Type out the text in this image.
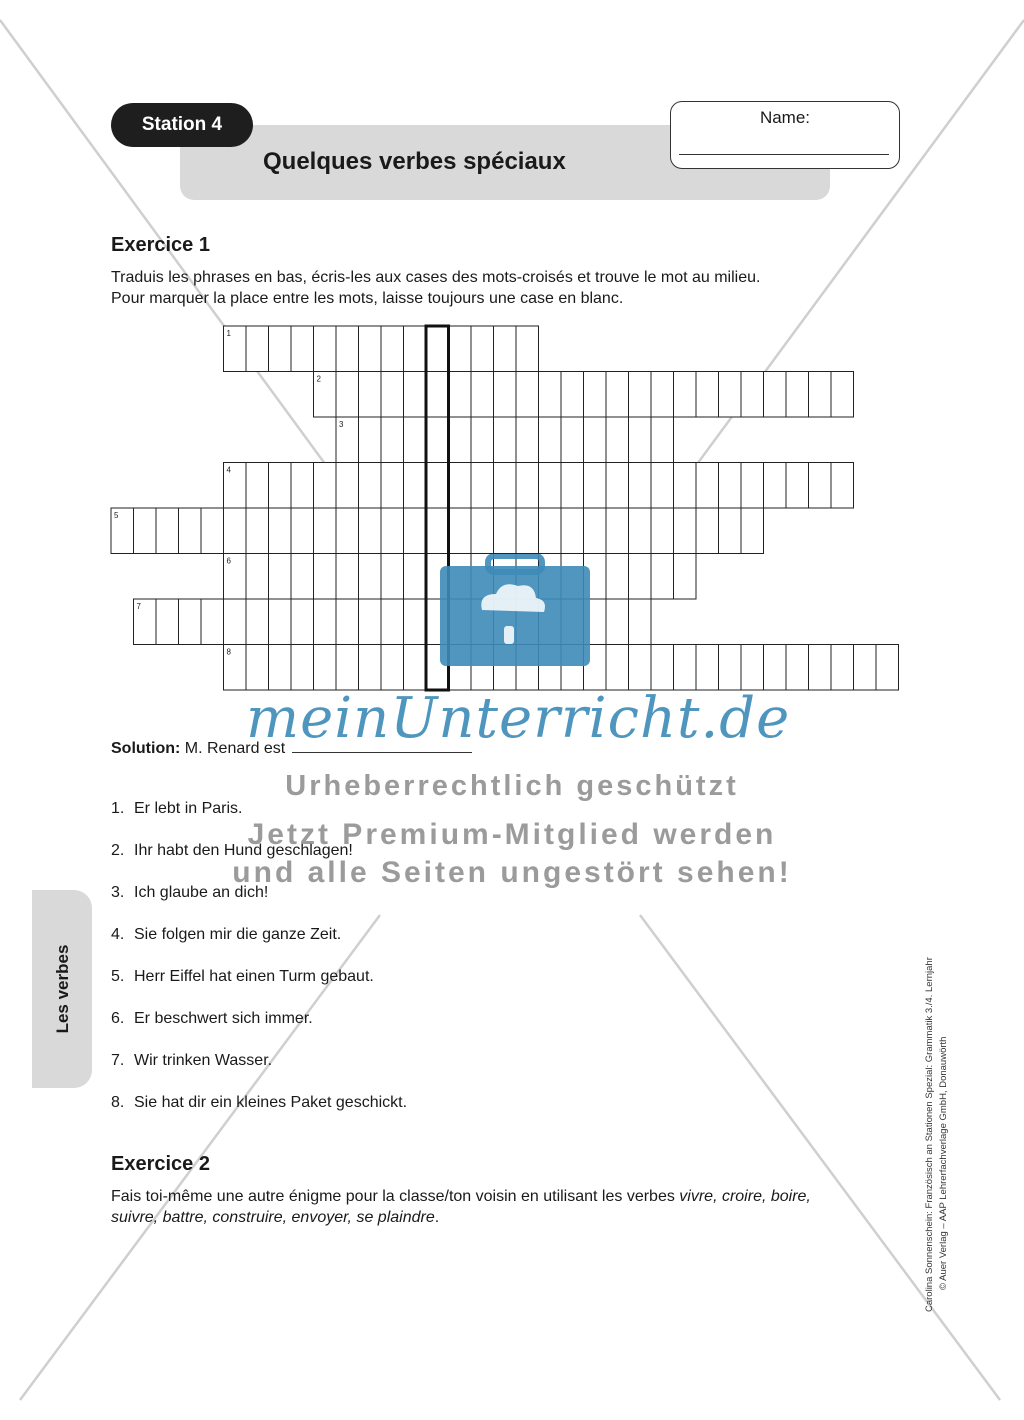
Station 4
Quelques verbes spéciaux
Name:
Exercice 1
Traduis les phrases en bas, écris-les aux cases des mots-croisés et trouve le mot au milieu.
Pour marquer la place entre les mots, laisse toujours une case en blanc.
1
2
3
4
5
6
7
8
Solution: M. Renard est
1. Er lebt in Paris.
2. Ihr habt den Hund geschlagen!
3. Ich glaube an dich!
4. Sie folgen mir die ganze Zeit.
5. Herr Eiffel hat einen Turm gebaut.
6. Er beschwert sich immer.
7. Wir trinken Wasser.
8. Sie hat dir ein kleines Paket geschickt.
Exercice 2
Fais toi-même une autre énigme pour la classe/ton voisin en utilisant les verbes vivre, croire, boire,
suivre, battre, construire, envoyer, se plaindre.
Les verbes	Carolina Sonnenschein: Französisch an Stationen Spezial: Grammatik 3./4. Lernjahr © Auer Verlag – AAP Lehrerfachverlage GmbH, Donauwörth
meinUnterricht.de
Urheberrechtlich geschützt
Jetzt Premium-Mitglied werden
und alle Seiten ungestört sehen!
